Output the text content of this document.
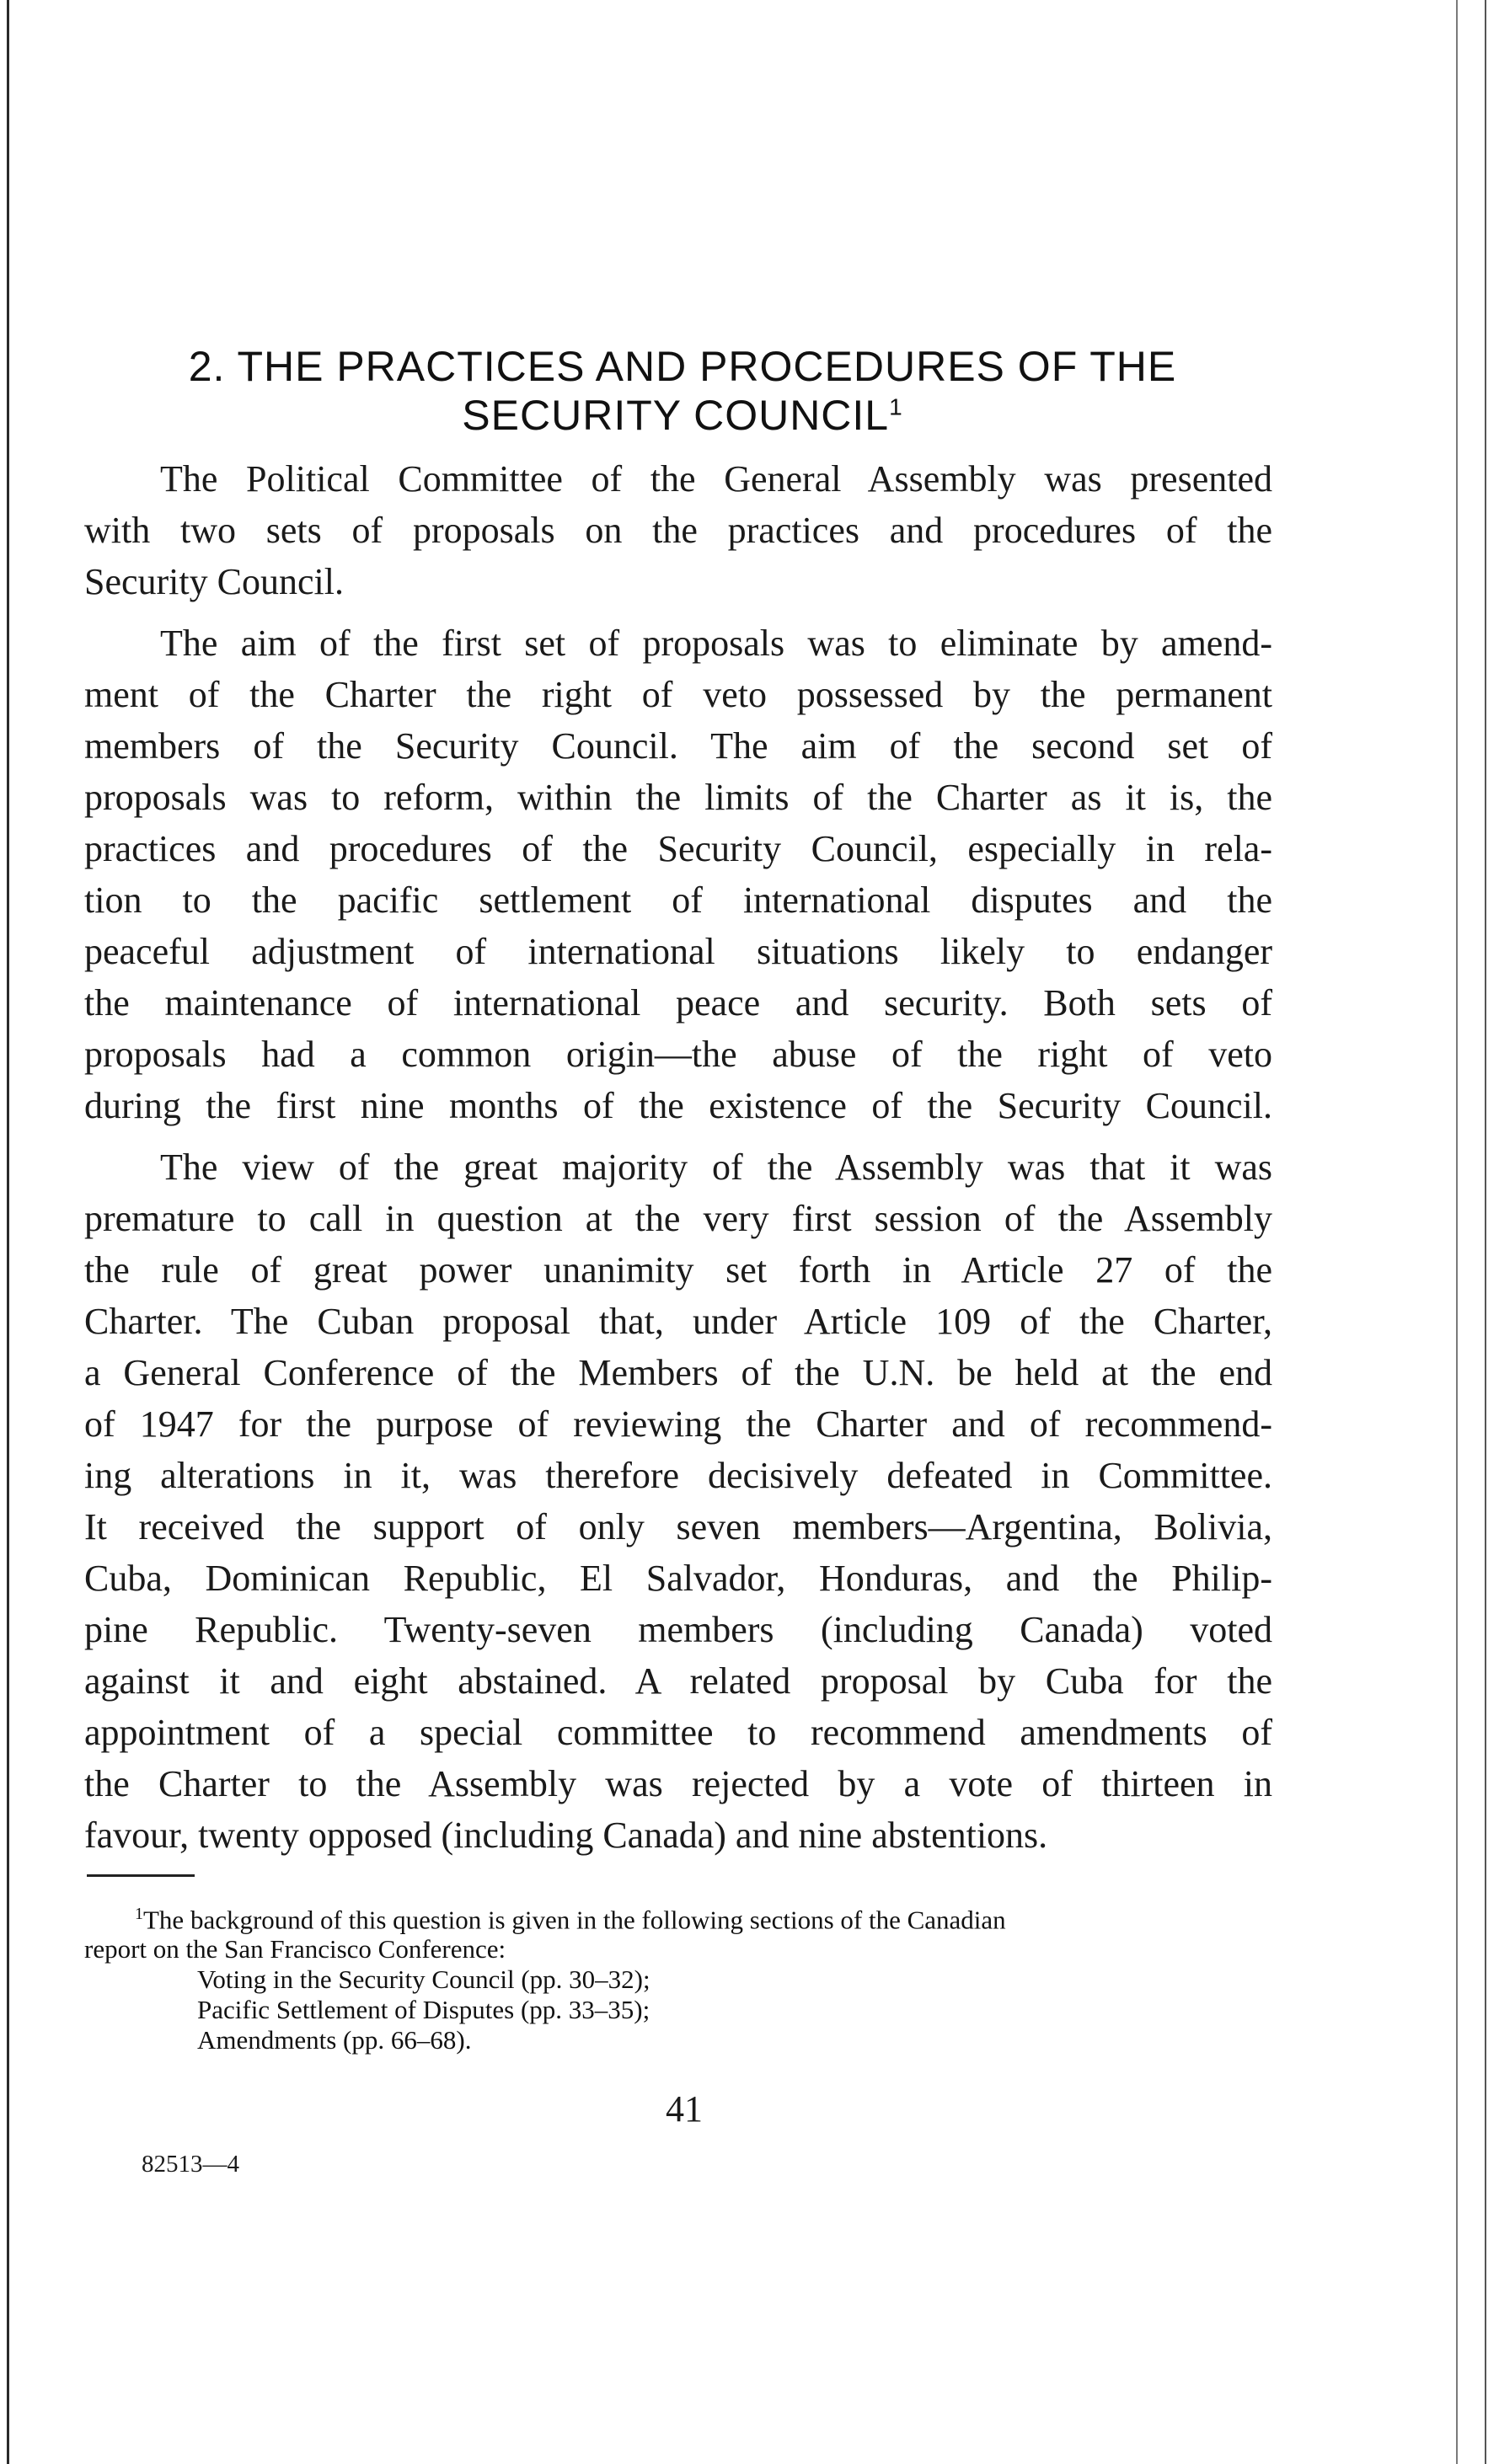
2. THE PRACTICES AND PROCEDURES OF THE
SECURITY COUNCIL$^1$
The Political Committee of the General Assembly was presented
with two sets of proposals on the practices and procedures of the
Security Council.
The aim of the first set of proposals was to eliminate by amend-
ment of the Charter the right of veto possessed by the permanent
members of the Security Council. The aim of the second set of
proposals was to reform, within the limits of the Charter as it is, the
practices and procedures of the Security Council, especially in rela-
tion to the pacific settlement of international disputes and the
peaceful adjustment of international situations likely to endanger
the maintenance of international peace and security. Both sets of
proposals had a common origin—the abuse of the right of veto
during the first nine months of the existence of the Security Council.
The view of the great majority of the Assembly was that it was
premature to call in question at the very first session of the Assembly
the rule of great power unanimity set forth in Article 27 of the
Charter. The Cuban proposal that, under Article 109 of the Charter,
a General Conference of the Members of the U.N. be held at the end
of 1947 for the purpose of reviewing the Charter and of recommend-
ing alterations in it, was therefore decisively defeated in Committee.
It received the support of only seven members—Argentina, Bolivia,
Cuba, Dominican Republic, El Salvador, Honduras, and the Philip-
pine Republic. Twenty-seven members (including Canada) voted
against it and eight abstained. A related proposal by Cuba for the
appointment of a special committee to recommend amendments of
the Charter to the Assembly was rejected by a vote of thirteen in
favour, twenty opposed (including Canada) and nine abstentions.
$^1$The background of this question is given in the following sections of the Canadian
report on the San Francisco Conference:
Voting in the Security Council (pp. 30–32);
Pacific Settlement of Disputes (pp. 33–35);
Amendments (pp. 66–68).
41
82513—4
